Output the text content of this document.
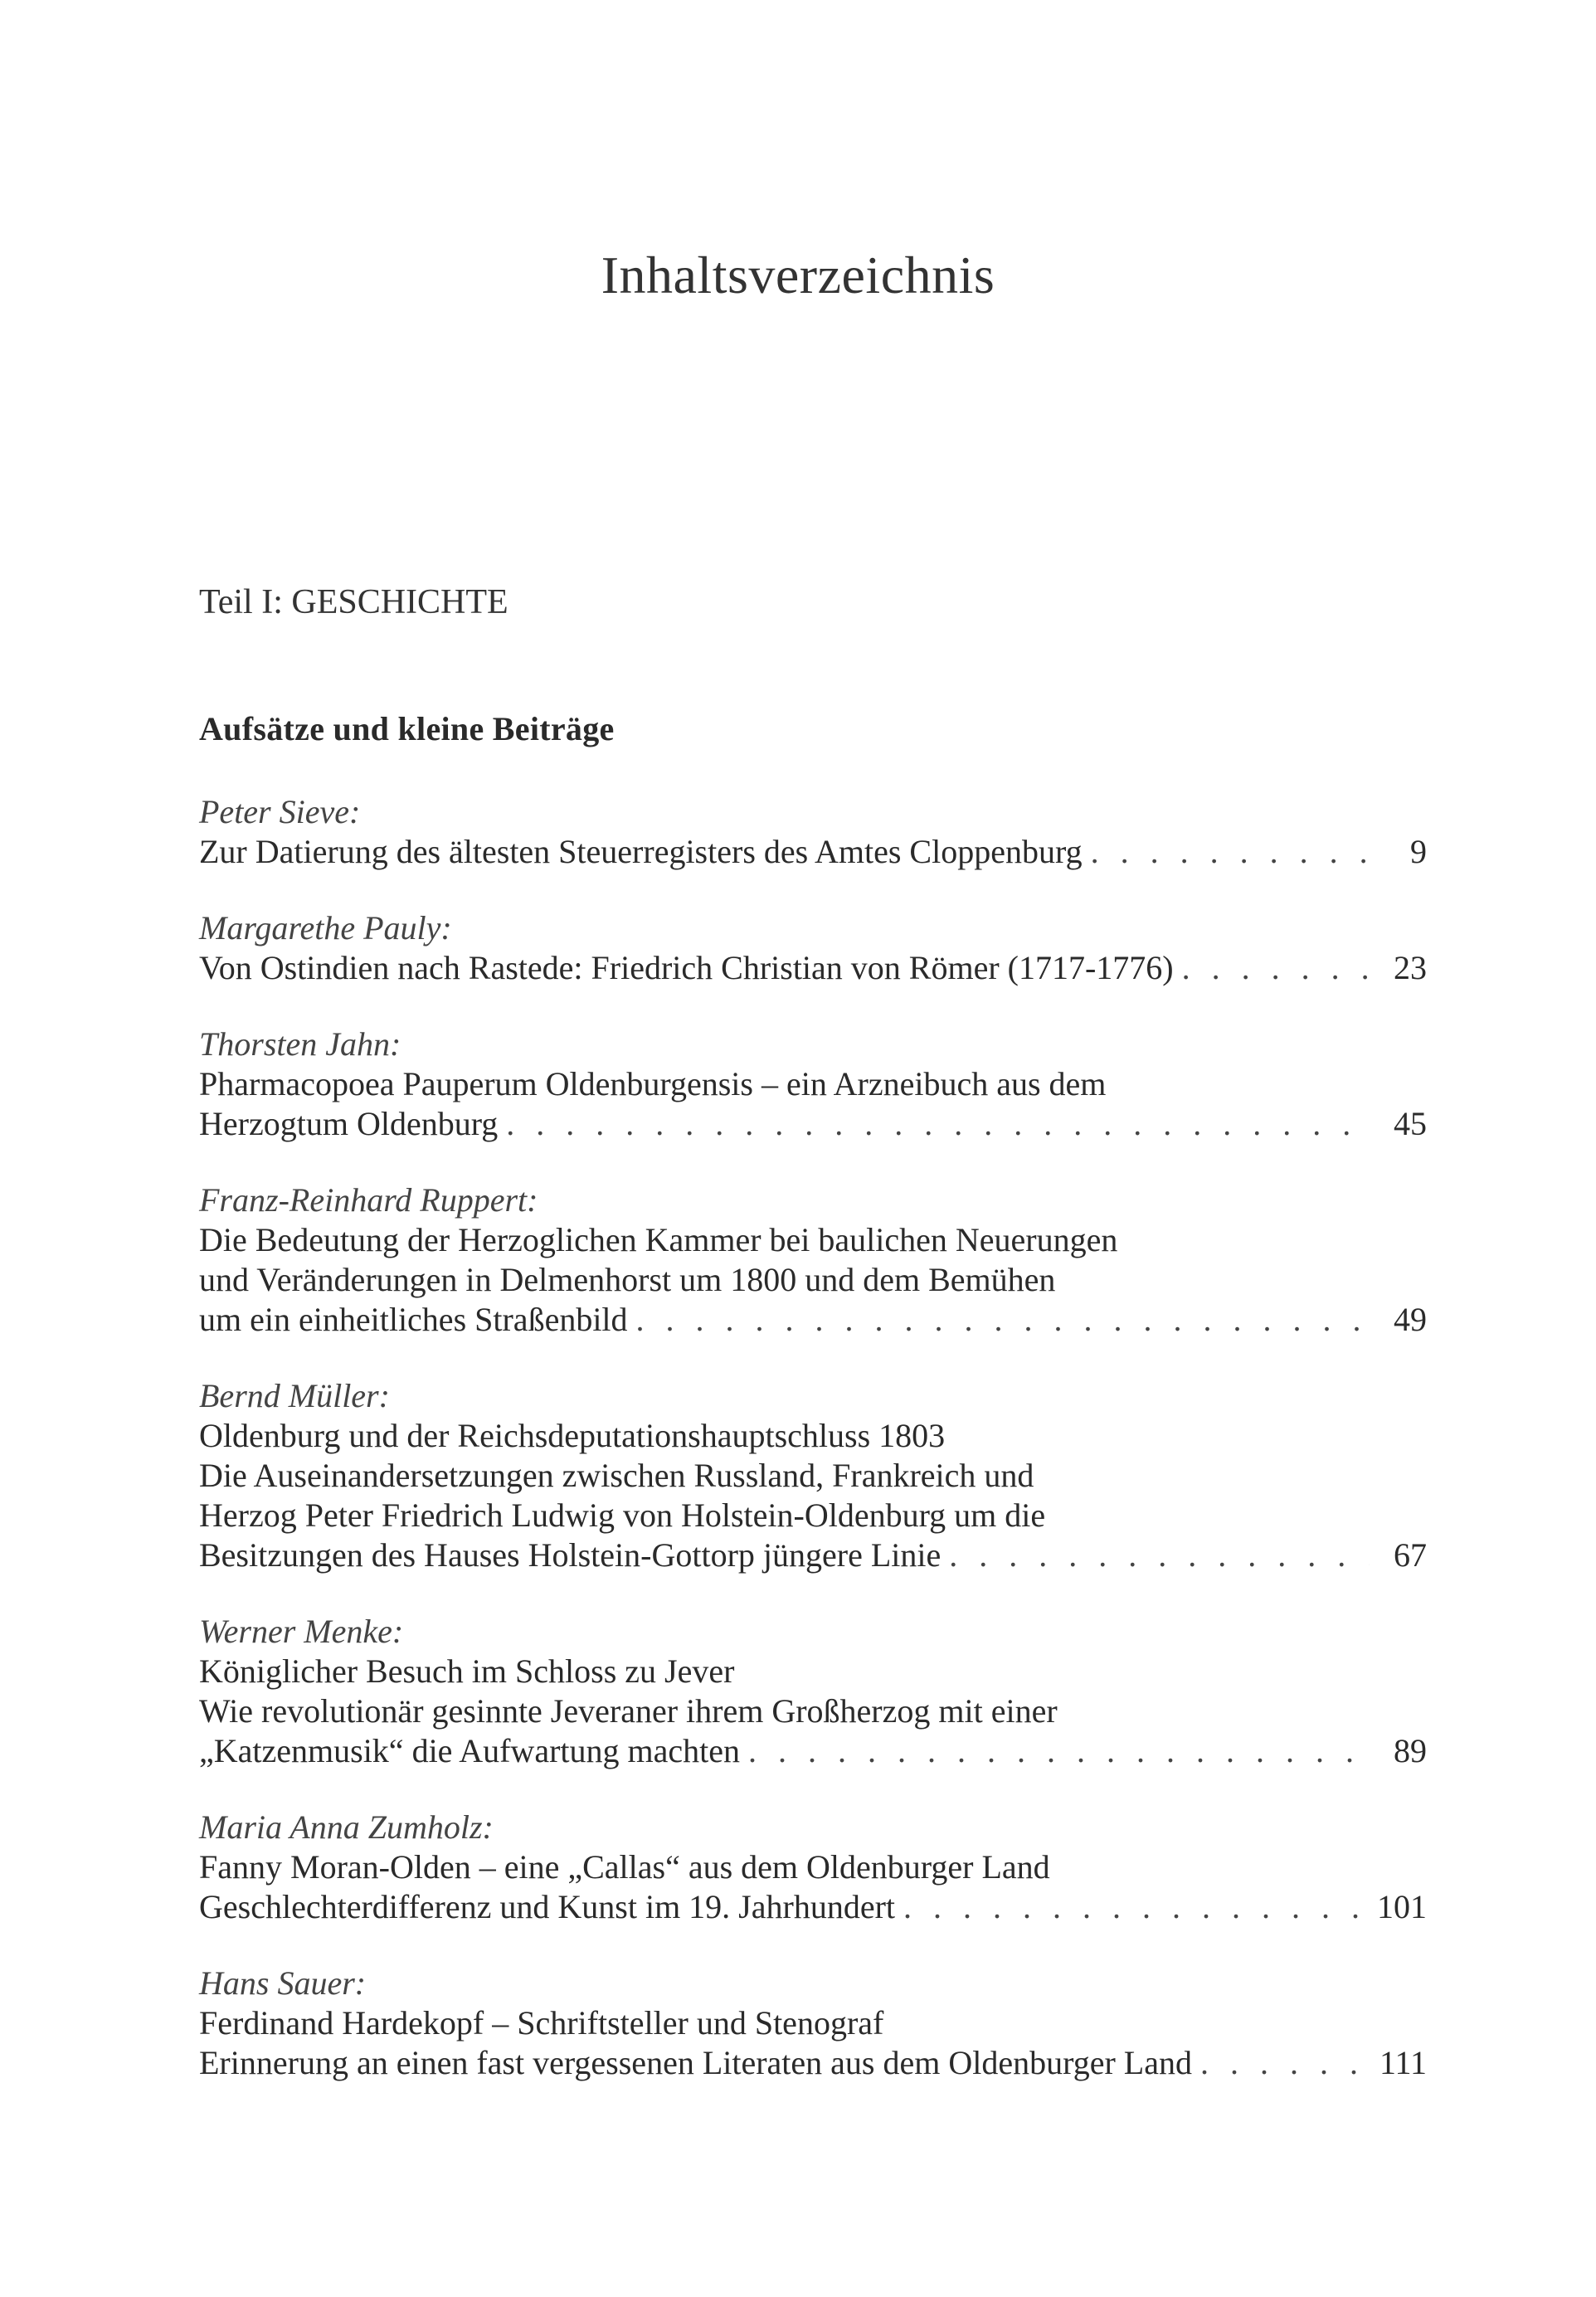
Inhaltsverzeichnis
Teil I: GESCHICHTE
Aufsätze und kleine Beiträge
Peter Sieve:
Zur Datierung des ältesten Steuerregisters des Amtes Cloppenburg . . .	9
Margarethe Pauly:
Von Ostindien nach Rastede: Friedrich Christian von Römer (1717-1776) . . .	23
Thorsten Jahn:
Pharmacopoea Pauperum Oldenburgensis – ein Arzneibuch aus dem
Herzogtum Oldenburg . . .	45
Franz-Reinhard Ruppert:
Die Bedeutung der Herzoglichen Kammer bei baulichen Neuerungen
und Veränderungen in Delmenhorst um 1800 und dem Bemühen
um ein einheitliches Straßenbild . . .	49
Bernd Müller:
Oldenburg und der Reichsdeputationshauptschluss 1803
Die Auseinandersetzungen zwischen Russland, Frankreich und
Herzog Peter Friedrich Ludwig von Holstein-Oldenburg um die
Besitzungen des Hauses Holstein-Gottorp jüngere Linie . . .	67
Werner Menke:
Königlicher Besuch im Schloss zu Jever
Wie revolutionär gesinnte Jeveraner ihrem Großherzog mit einer
„Katzenmusik“ die Aufwartung machten . . .	89
Maria Anna Zumholz:
Fanny Moran-Olden – eine „Callas“ aus dem Oldenburger Land
Geschlechterdifferenz und Kunst im 19. Jahrhundert . . .	101
Hans Sauer:
Ferdinand Hardekopf – Schriftsteller und Stenograf
Erinnerung an einen fast vergessenen Literaten aus dem Oldenburger Land . . .	111
